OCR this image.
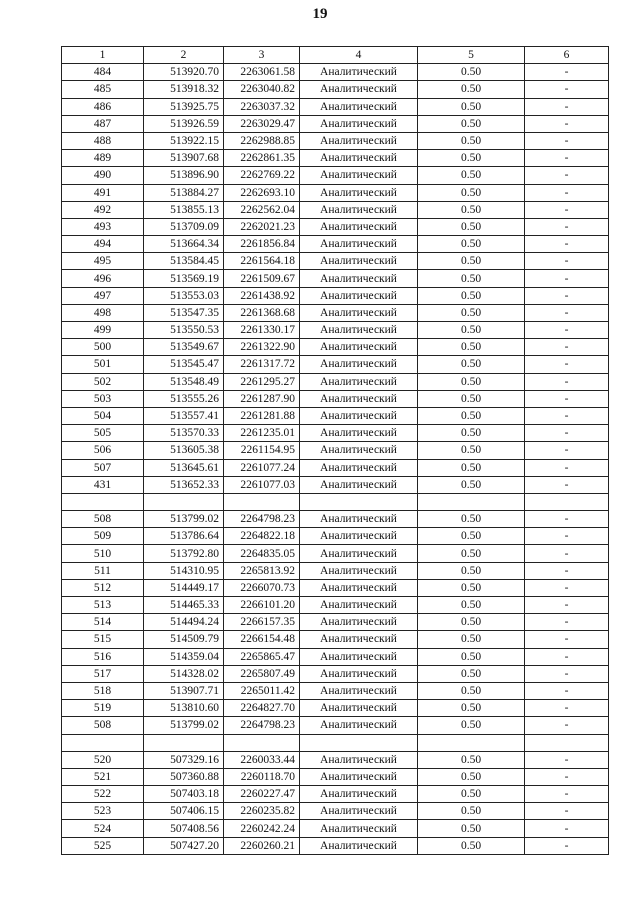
19
1	2	3	4	5	6
484	513920.70	2263061.58	Аналитический	0.50	-
485	513918.32	2263040.82	Аналитический	0.50	-
486	513925.75	2263037.32	Аналитический	0.50	-
487	513926.59	2263029.47	Аналитический	0.50	-
488	513922.15	2262988.85	Аналитический	0.50	-
489	513907.68	2262861.35	Аналитический	0.50	-
490	513896.90	2262769.22	Аналитический	0.50	-
491	513884.27	2262693.10	Аналитический	0.50	-
492	513855.13	2262562.04	Аналитический	0.50	-
493	513709.09	2262021.23	Аналитический	0.50	-
494	513664.34	2261856.84	Аналитический	0.50	-
495	513584.45	2261564.18	Аналитический	0.50	-
496	513569.19	2261509.67	Аналитический	0.50	-
497	513553.03	2261438.92	Аналитический	0.50	-
498	513547.35	2261368.68	Аналитический	0.50	-
499	513550.53	2261330.17	Аналитический	0.50	-
500	513549.67	2261322.90	Аналитический	0.50	-
501	513545.47	2261317.72	Аналитический	0.50	-
502	513548.49	2261295.27	Аналитический	0.50	-
503	513555.26	2261287.90	Аналитический	0.50	-
504	513557.41	2261281.88	Аналитический	0.50	-
505	513570.33	2261235.01	Аналитический	0.50	-
506	513605.38	2261154.95	Аналитический	0.50	-
507	513645.61	2261077.24	Аналитический	0.50	-
431	513652.33	2261077.03	Аналитический	0.50	-

508	513799.02	2264798.23	Аналитический	0.50	-
509	513786.64	2264822.18	Аналитический	0.50	-
510	513792.80	2264835.05	Аналитический	0.50	-
511	514310.95	2265813.92	Аналитический	0.50	-
512	514449.17	2266070.73	Аналитический	0.50	-
513	514465.33	2266101.20	Аналитический	0.50	-
514	514494.24	2266157.35	Аналитический	0.50	-
515	514509.79	2266154.48	Аналитический	0.50	-
516	514359.04	2265865.47	Аналитический	0.50	-
517	514328.02	2265807.49	Аналитический	0.50	-
518	513907.71	2265011.42	Аналитический	0.50	-
519	513810.60	2264827.70	Аналитический	0.50	-
508	513799.02	2264798.23	Аналитический	0.50	-

520	507329.16	2260033.44	Аналитический	0.50	-
521	507360.88	2260118.70	Аналитический	0.50	-
522	507403.18	2260227.47	Аналитический	0.50	-
523	507406.15	2260235.82	Аналитический	0.50	-
524	507408.56	2260242.24	Аналитический	0.50	-
525	507427.20	2260260.21	Аналитический	0.50	-
